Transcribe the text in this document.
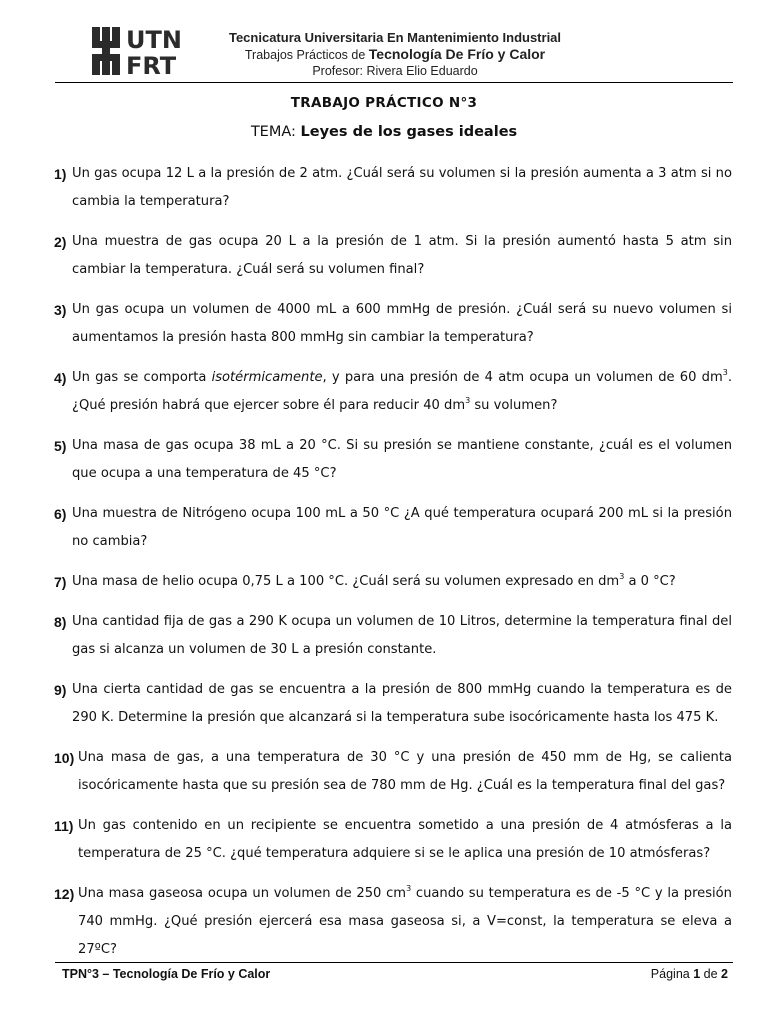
UTN
FRT
Tecnicatura Universitaria En Mantenimiento Industrial
Trabajos Prácticos de Tecnología De Frío y Calor
Profesor: Rivera Elio Eduardo
TRABAJO PRÁCTICO N°3
TEMA: Leyes de los gases ideales
1) Un gas ocupa 12 L a la presión de 2 atm. ¿Cuál será su volumen si la presión aumenta a 3 atm si no cambia la temperatura?
2) Una muestra de gas ocupa 20 L a la presión de 1 atm. Si la presión aumentó hasta 5 atm sin cambiar la temperatura. ¿Cuál será su volumen final?
3) Un gas ocupa un volumen de 4000 mL a 600 mmHg de presión. ¿Cuál será su nuevo volumen si aumentamos la presión hasta 800 mmHg sin cambiar la temperatura?
4) Un gas se comporta isotérmicamente, y para una presión de 4 atm ocupa un volumen de 60 $dm^3$. ¿Qué presión habrá que ejercer sobre él para reducir 40 $dm^3$ su volumen?
5) Una masa de gas ocupa 38 mL a 20 °C. Si su presión se mantiene constante, ¿cuál es el volumen que ocupa a una temperatura de 45 °C?
6) Una muestra de Nitrógeno ocupa 100 mL a 50 °C ¿A qué temperatura ocupará 200 mL si la presión no cambia?
7) Una masa de helio ocupa 0,75 L a 100 °C. ¿Cuál será su volumen expresado en $dm^3$ a 0 °C?
8) Una cantidad fija de gas a 290 K ocupa un volumen de 10 Litros, determine la temperatura final del gas si alcanza un volumen de 30 L a presión constante.
9) Una cierta cantidad de gas se encuentra a la presión de 800 mmHg cuando la temperatura es de 290 K. Determine la presión que alcanzará si la temperatura sube isocóricamente hasta los 475 K.
10) Una masa de gas, a una temperatura de 30 °C y una presión de 450 mm de Hg, se calienta isocóricamente hasta que su presión sea de 780 mm de Hg. ¿Cuál es la temperatura final del gas?
11) Un gas contenido en un recipiente se encuentra sometido a una presión de 4 atmósferas a la temperatura de 25 °C. ¿qué temperatura adquiere si se le aplica una presión de 10 atmósferas?
12) Una masa gaseosa ocupa un volumen de 250 $cm^3$ cuando su temperatura es de -5 °C y la presión 740 mmHg. ¿Qué presión ejercerá esa masa gaseosa si, a V=const, la temperatura se eleva a 27ºC?
TPN°3 – Tecnología De Frío y Calor	Página 1 de 2
